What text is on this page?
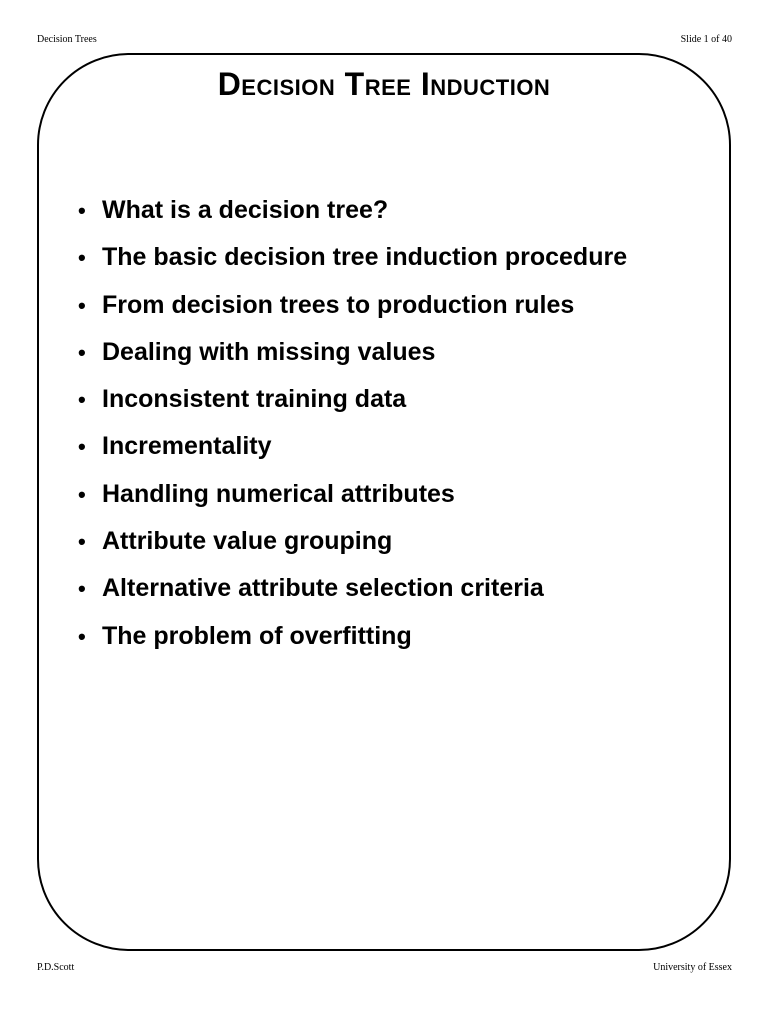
Decision Trees	Slide 1 of 40
Decision Tree Induction
• What is a decision tree?
• The basic decision tree induction procedure
• From decision trees to production rules
• Dealing with missing values
• Inconsistent training data
• Incrementality
• Handling numerical attributes
• Attribute value grouping
• Alternative attribute selection criteria
• The problem of overfitting
P.D.Scott	University of Essex
